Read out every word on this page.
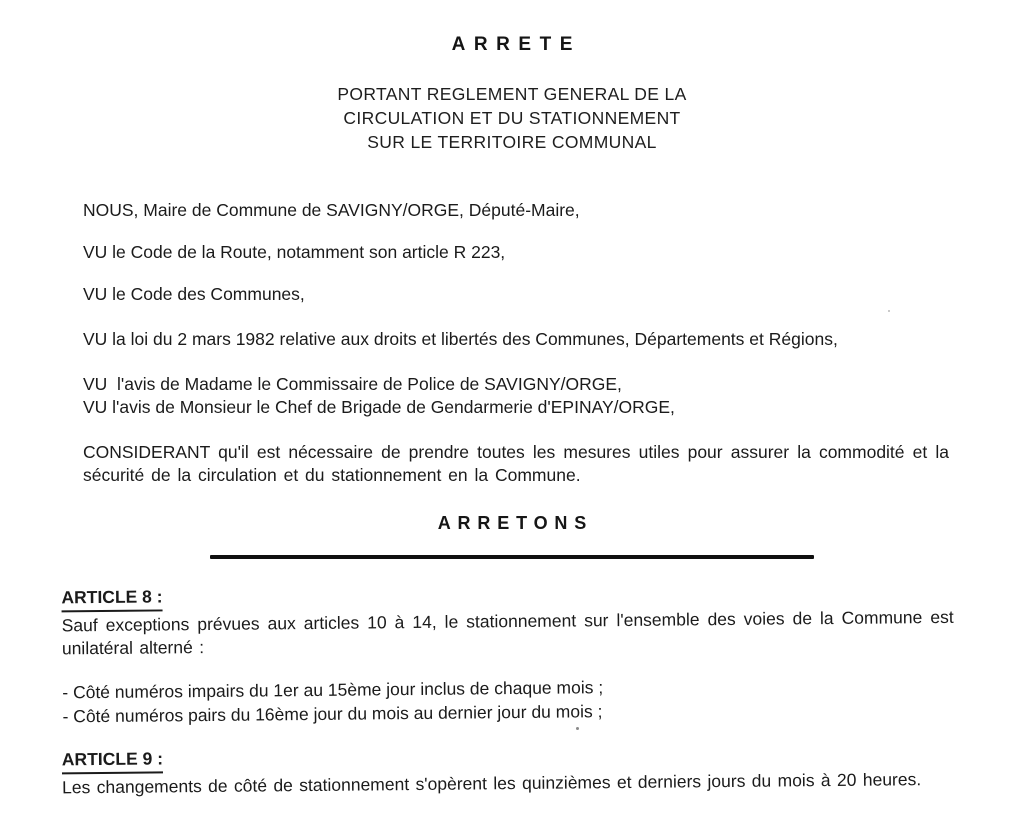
ARRETE
PORTANT REGLEMENT GENERAL DE LA
CIRCULATION ET DU STATIONNEMENT
SUR LE TERRITOIRE COMMUNAL

NOUS, Maire de Commune de SAVIGNY/ORGE, Député-Maire,

VU le Code de la Route, notamment son article R 223,

VU le Code des Communes,

VU la loi du 2 mars 1982 relative aux droits et libertés des Communes, Départements et Régions,

VU  l'avis de Madame le Commissaire de Police de SAVIGNY/ORGE,

VU l'avis de Monsieur le Chef de Brigade de Gendarmerie d'EPINAY/ORGE,

CONSIDERANT qu'il est nécessaire de prendre toutes les mesures utiles pour assurer la commodité et la sécurité de la circulation et du stationnement en la Commune.

ARRETONS
ARTICLE 8 :

Sauf exceptions prévues aux articles 10 à 14, le stationnement sur l'ensemble des voies de la Commune est unilatéral alterné :

- Côté numéros impairs du 1er au 15ème jour inclus de chaque mois ;

- Côté numéros pairs du 16ème jour du mois au dernier jour du mois ;

ARTICLE 9 :

Les changements de côté de stationnement s'opèrent les quinzièmes et derniers jours du mois à 20 heures.
